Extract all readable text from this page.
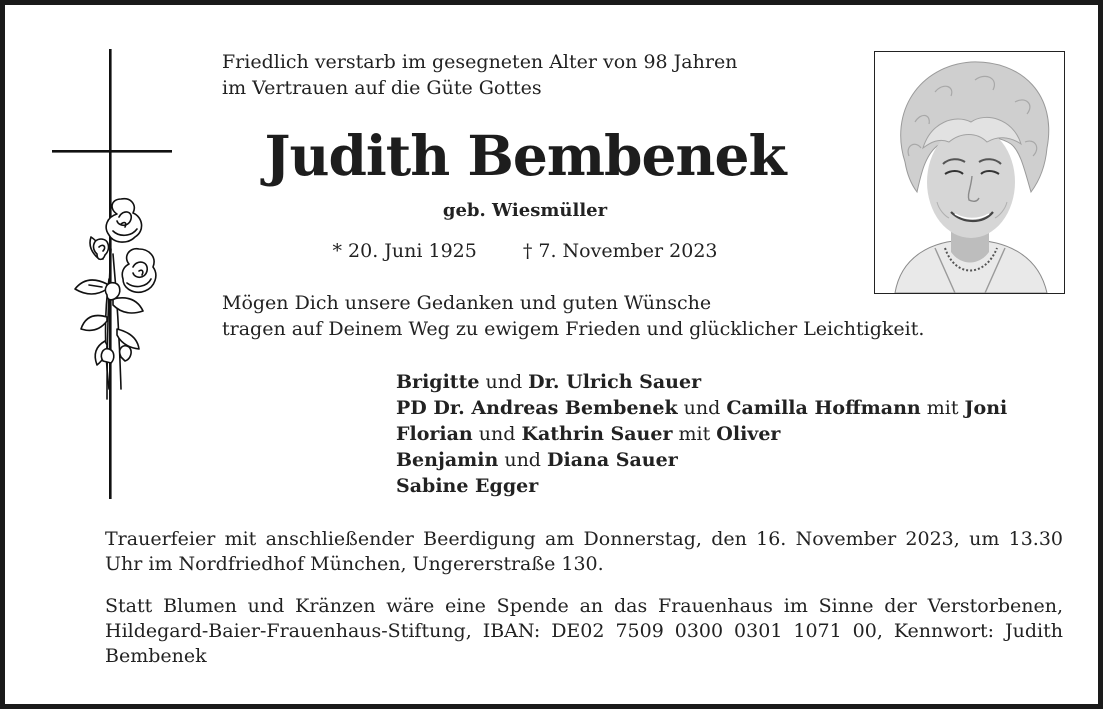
Friedlich verstarb im gesegneten Alter von 98 Jahren
im Vertrauen auf die Güte Gottes
Judith Bembenek
geb. Wiesmüller
* 20. Juni 1925 † 7. November 2023
Mögen Dich unsere Gedanken und guten Wünsche
tragen auf Deinem Weg zu ewigem Frieden und glücklicher Leichtigkeit.
Brigitte und Dr. Ulrich Sauer
PD Dr. Andreas Bembenek und Camilla Hoffmann mit Joni
Florian und Kathrin Sauer mit Oliver
Benjamin und Diana Sauer
Sabine Egger
Trauerfeier mit anschließender Beerdigung am Donnerstag, den 16. November 2023, um 13.30 Uhr im Nordfriedhof München, Ungererstraße 130.
Statt Blumen und Kränzen wäre eine Spende an das Frauenhaus im Sinne der Verstorbenen, Hildegard-Baier-Frauenhaus-Stiftung, IBAN: DE02 7509 0300 0301 1071 00, Kennwort: Judith Bembenek
